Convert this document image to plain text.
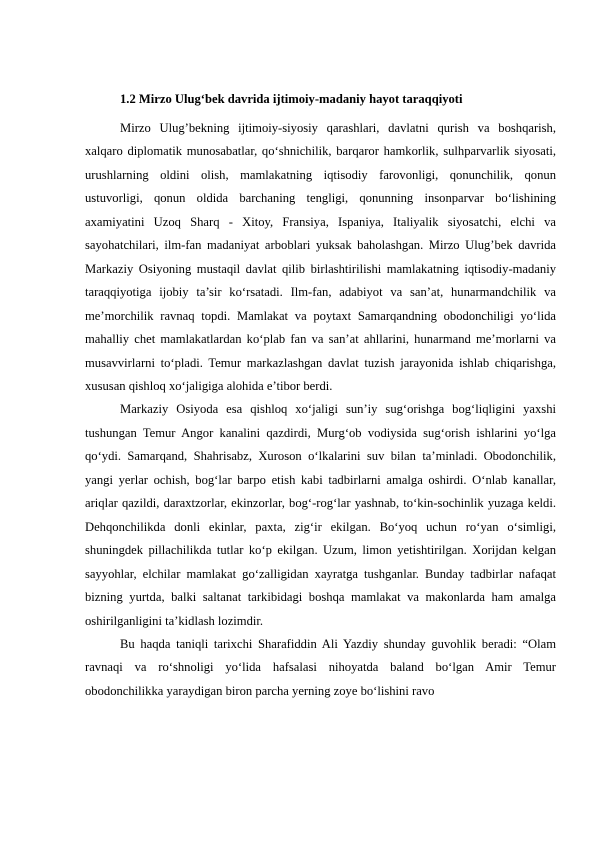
1.2 Mirzo Ulug‘bek davrida ijtimoiy-madaniy hayot taraqqiyoti

Mirzo Ulug’bekning ijtimoiy-siyosiy qarashlari, davlatni qurish va boshqarish, xalqaro diplomatik munosabatlar, qo‘shnichilik, barqaror hamkorlik, sulhparvarlik siyosati, urushlarning oldini olish, mamlakatning iqtisodiy farovonligi, qonunchilik, qonun ustuvorligi, qonun oldida barchaning tengligi, qonunning insonparvar bo‘lishining axamiyatini Uzoq Sharq - Xitoy, Fransiya, Ispaniya, Italiyalik siyosatchi, elchi va sayohatchilari, ilm-fan madaniyat arboblari yuksak baholashgan. Mirzo Ulug’bek davrida Markaziy Osiyoning mustaqil davlat qilib birlashtirilishi mamlakatning iqtisodiy-madaniy taraqqiyotiga ijobiy ta’sir ko‘rsatadi. Ilm-fan, adabiyot va san’at, hunarmandchilik va me’morchilik ravnaq topdi. Mamlakat va poytaxt Samarqandning obodonchiligi yo‘lida mahalliy chet mamlakatlardan ko‘plab fan va san’at ahllarini, hunarmand me’morlarni va musavvirlarni to‘pladi. Temur markazlashgan davlat tuzish jarayonida ishlab chiqarishga, xususan qishloq xo‘jaligiga alohida e’tibor berdi.

Markaziy Osiyoda esa qishloq xo‘jaligi sun’iy sug‘orishga bog‘liqligini yaxshi tushungan Temur Angor kanalini qazdirdi, Murg‘ob vodiysida sug‘orish ishlarini yo‘lga qo‘ydi. Samarqand, Shahrisabz, Xuroson o‘lkalarini suv bilan ta’minladi. Obodonchilik, yangi yerlar ochish, bog‘lar barpo etish kabi tadbirlarni amalga oshirdi. O‘nlab kanallar, ariqlar qazildi, daraxtzorlar, ekinzorlar, bog‘-rog‘lar yashnab, to‘kin-sochinlik yuzaga keldi. Dehqonchilikda donli ekinlar, paxta, zig‘ir ekilgan. Bo‘yoq uchun ro‘yan o‘simligi, shuningdek pillachilikda tutlar ko‘p ekilgan. Uzum, limon yetishtirilgan. Xorijdan kelgan sayyohlar, elchilar mamlakat go‘zalligidan xayratga tushganlar. Bunday tadbirlar nafaqat bizning yurtda, balki saltanat tarkibidagi boshqa mamlakat va makonlarda ham amalga oshirilganligini ta’kidlash lozimdir.

Bu haqda taniqli tarixchi Sharafiddin Ali Yazdiy shunday guvohlik beradi: “Olam ravnaqi va ro‘shnoligi yo‘lida hafsalasi nihoyatda baland bo‘lgan Amir Temur obodonchilikka yaraydigan biron parcha yerning zoye bo‘lishini ravo
